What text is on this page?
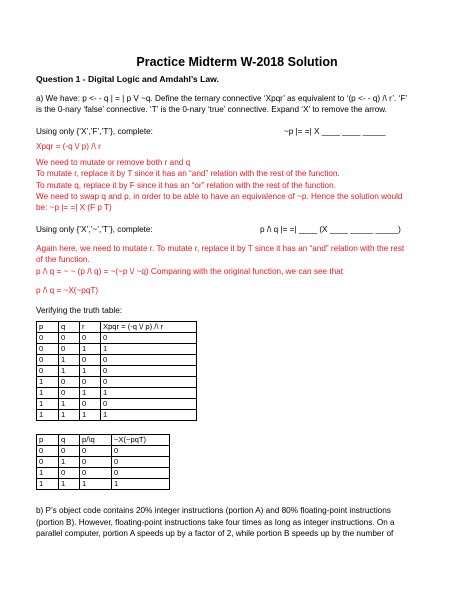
Practice Midterm W-2018 Solution
Question 1 - Digital Logic and Amdahl’s Law.
a) We have: p <- - q | = | p V ~q. Define the ternary connective ‘Xpqr’ as equivalent to ‘(p <- - q) /\ r’. ‘F’
is the 0-nary ‘false’ connective. ‘T’ is the 0-nary ‘true’ connective. Expand ‘X’ to remove the arrow.
Using only {‘X’,’F’,’T’}, complete:	~p |= =| X ____ ____ _____
Xpqr = (-q \/ p) /\ r
We need to mutate or remove both r and q
To mutate r, replace it by T since it has an “and” relation with the rest of the function.
To mutate q, replace it by F since it has an “or” relation with the rest of the function.
We need to swap q and p, in order to be able to have an equivalence of ~p. Hence the solution would
be: ~p |= =| X (F p T)
Using only {‘X’,’~’,’T’}, complete:	p /\ q |= =| ____ (X ____ _____ _____)
Again here, we need to mutate r. To mutate r, replace it by T since it has an “and” relation with the rest
of the function.
p /\ q = ~ ~ (p /\ q) = ~(~p \/ ~q) Comparing with the original function, we can see that
p /\ q = ~X(~pqT)
Verifying the truth table:
p	q	r	Xpqr = (-q \/ p) /\ r
0	0	0	0
0	0	1	1
0	1	0	0
0	1	1	0
1	0	0	0
1	0	1	1
1	1	0	0
1	1	1	1
p	q	p/\q	~X(~pqT)
0	0	0	0
0	1	0	0
1	0	0	0
1	1	1	1
b) P’s object code contains 20% integer instructions (portion A) and 80% floating-point instructions
(portion B). However, floating-point instructions take four times as long as integer instructions. On a
parallel computer, portion A speeds up by a factor of 2, while portion B speeds up by the number of
